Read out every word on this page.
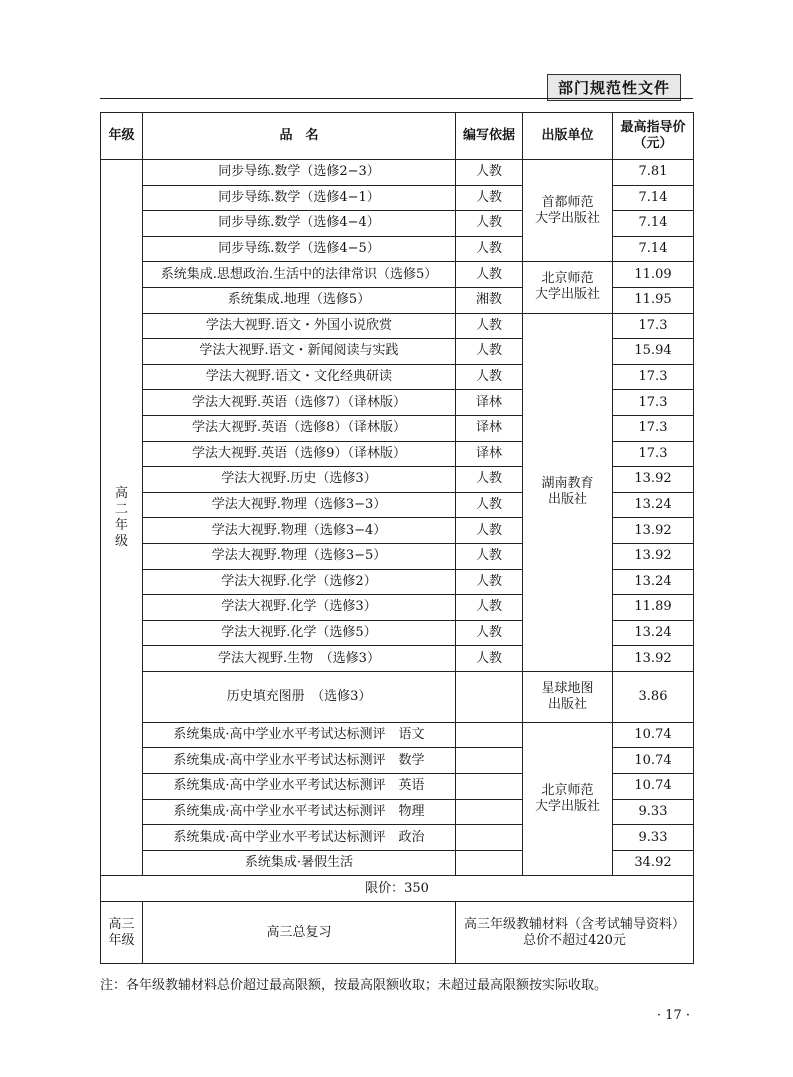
部门规范性文件
年级	品　名	编写依据	出版单位	最高指导价
（元）

高
二
年
级	同步导练.数学（选修2−3）	人教	首都师范
大学出版社	7.81
	同步导练.数学（选修4−1）	人教		7.14
	同步导练.数学（选修4−4）	人教		7.14
	同步导练.数学（选修4−5）	人教		7.14
	系统集成.思想政治.生活中的法律常识（选修5）	人教	北京师范
大学出版社	11.09
	系统集成.地理（选修5）	湘教		11.95
	学法大视野.语文・外国小说欣赏	人教	湖南教育
出版社	17.3
	学法大视野.语文・新闻阅读与实践	人教		15.94
	学法大视野.语文・文化经典研读	人教		17.3
	学法大视野.英语（选修7）（译林版）	译林		17.3
	学法大视野.英语（选修8）（译林版）	译林		17.3
	学法大视野.英语（选修9）（译林版）	译林		17.3
	学法大视野.历史（选修3）	人教		13.92
	学法大视野.物理（选修3−3）	人教		13.24
	学法大视野.物理（选修3−4）	人教		13.92
	学法大视野.物理（选修3−5）	人教		13.92
	学法大视野.化学（选修2）	人教		13.24
	学法大视野.化学（选修3）	人教		11.89
	学法大视野.化学（选修5）	人教		13.24
	学法大视野.生物　（选修3）	人教		13.92
	历史填充图册　（选修3）		星球地图
出版社	3.86
	系统集成·高中学业水平考试达标测评　语文		北京师范
大学出版社	10.74
	系统集成·高中学业水平考试达标测评　数学			10.74
	系统集成·高中学业水平考试达标测评　英语			10.74
	系统集成·高中学业水平考试达标测评　物理			9.33
	系统集成·高中学业水平考试达标测评　政治			9.33
	系统集成·暑假生活			34.92
限价：350				

高三
年级	高三总复习	高三年级教辅材料（含考试辅导资料）
总价不超过420元		
注：各年级教辅材料总价超过最高限额，按最高限额收取；未超过最高限额按实际收取。
· 17 ·
